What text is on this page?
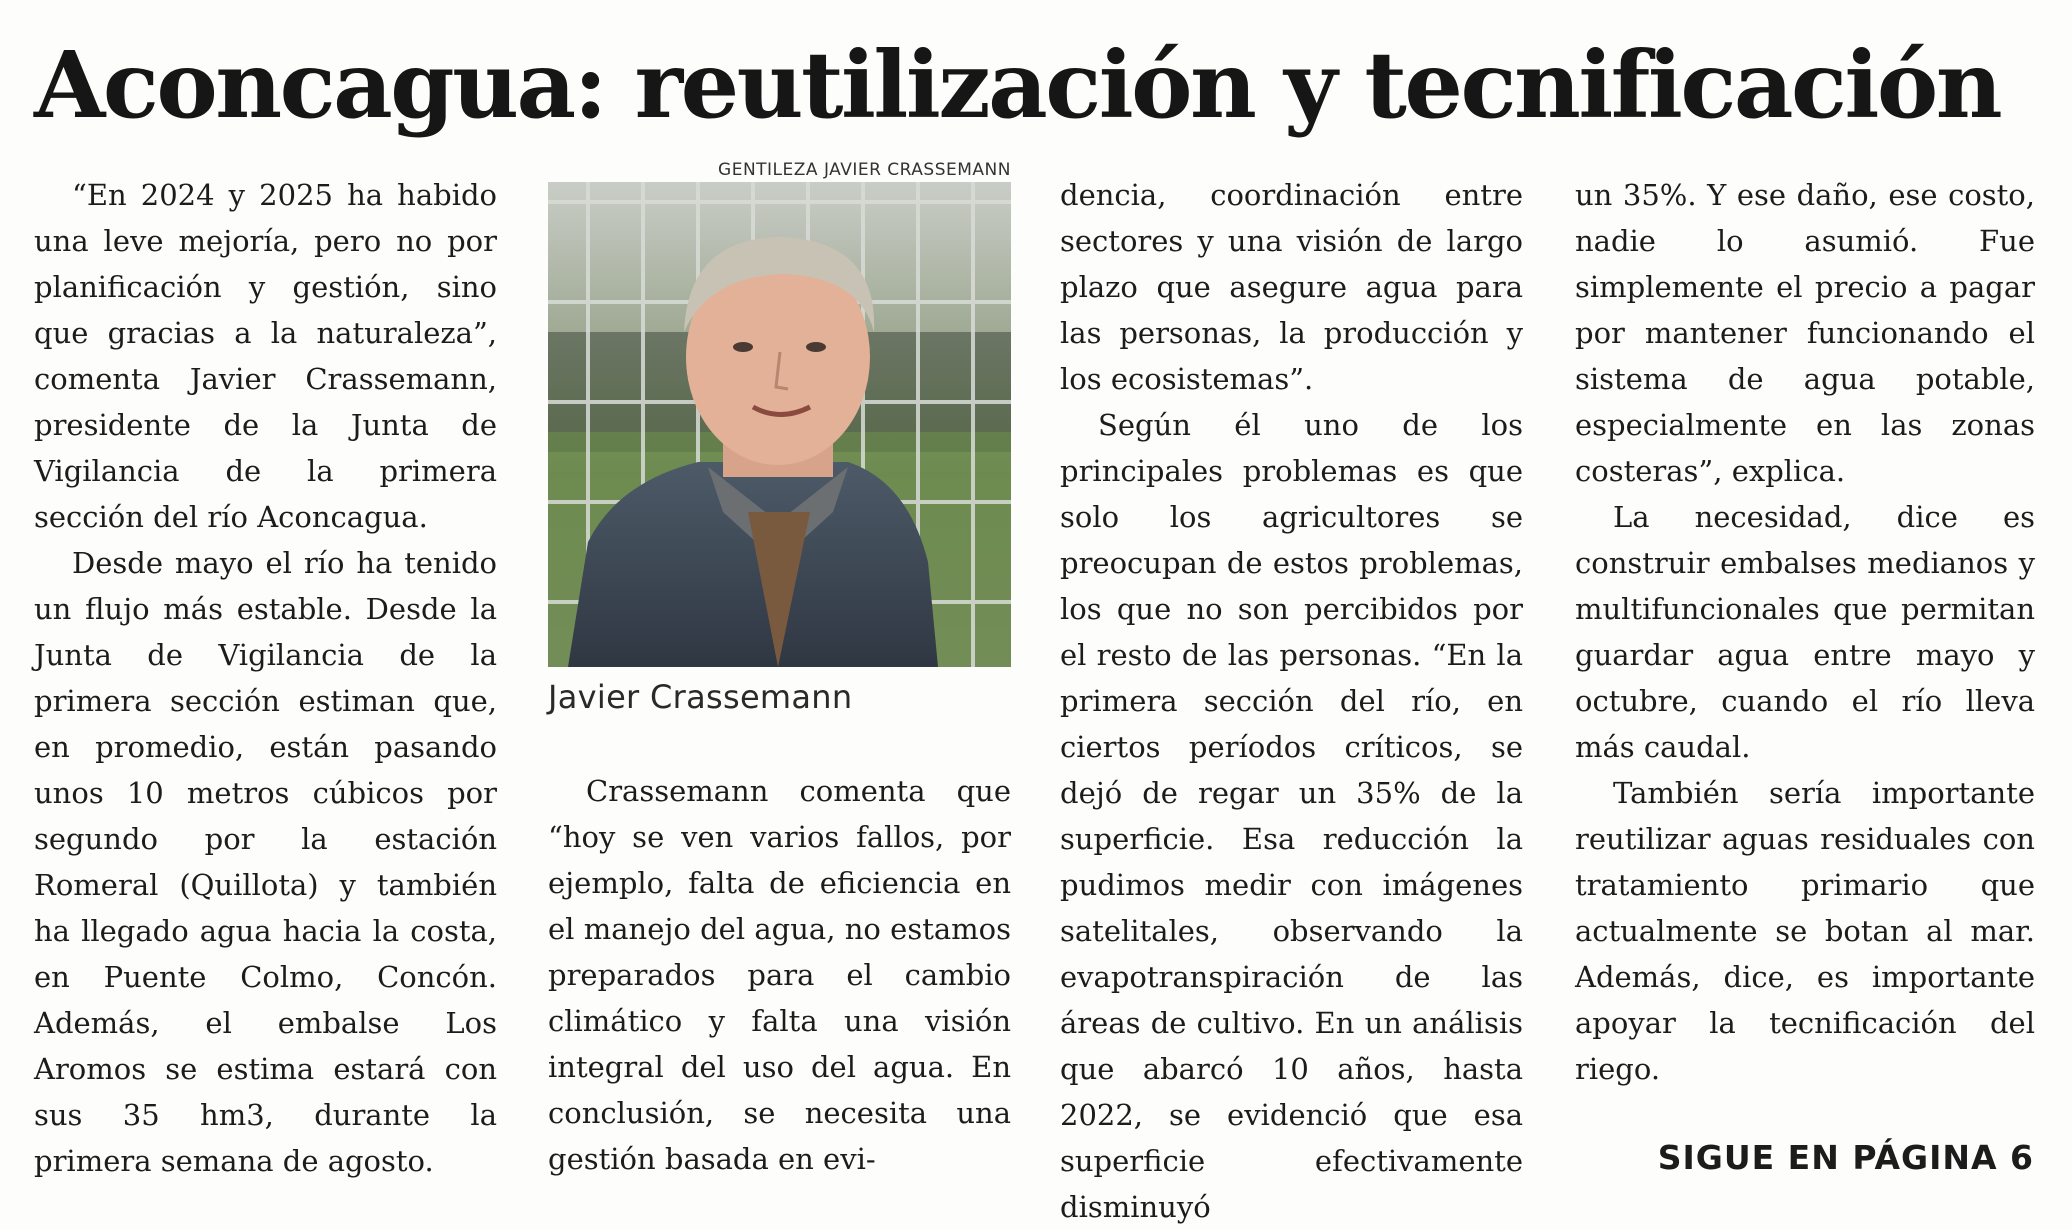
Aconcagua: reutilización y tecnificación

“En 2024 y 2025 ha habido una leve mejoría, pero no por planificación y gestión, sino que gracias a la naturaleza”, comenta Javier Crassemann, presidente de la Junta de Vigilancia de la primera sección del río Aconcagua.

Desde mayo el río ha tenido un flujo más estable. Desde la Junta de Vigilancia de la primera sección estiman que, en promedio, están pasando unos 10 metros cúbicos por segundo por la estación Romeral (Quillota) y también ha llegado agua hacia la costa, en Puente Colmo, Concón. Además, el embalse Los Aromos se estima estará con sus 35 hm3, durante la primera semana de agosto.

GENTILEZA JAVIER CRASSEMANN
Javier Crassemann

Crassemann comenta que “hoy se ven varios fallos, por ejemplo, falta de eficiencia en el manejo del agua, no estamos preparados para el cambio climático y falta una visión integral del uso del agua. En conclusión, se necesita una gestión basada en evi-

dencia, coordinación entre sectores y una visión de largo plazo que asegure agua para las personas, la producción y los ecosistemas”.

Según él uno de los principales problemas es que solo los agricultores se preocupan de estos problemas, los que no son percibidos por el resto de las personas. “En la primera sección del río, en ciertos períodos críticos, se dejó de regar un 35% de la superficie. Esa reducción la pudimos medir con imágenes satelitales, observando la evapotranspiración de las áreas de cultivo. En un análisis que abarcó 10 años, hasta 2022, se evidenció que esa superficie efectivamente disminuyó

un 35%. Y ese daño, ese costo, nadie lo asumió. Fue simplemente el precio a pagar por mantener funcionando el sistema de agua potable, especialmente en las zonas costeras”, explica.

La necesidad, dice es construir embalses medianos y multifuncionales que permitan guardar agua entre mayo y octubre, cuando el río lleva más caudal.

También sería importante reutilizar aguas residuales con tratamiento primario que actualmente se botan al mar. Además, dice, es importante apoyar la tecnificación del riego.

SIGUE EN PÁGINA 6
